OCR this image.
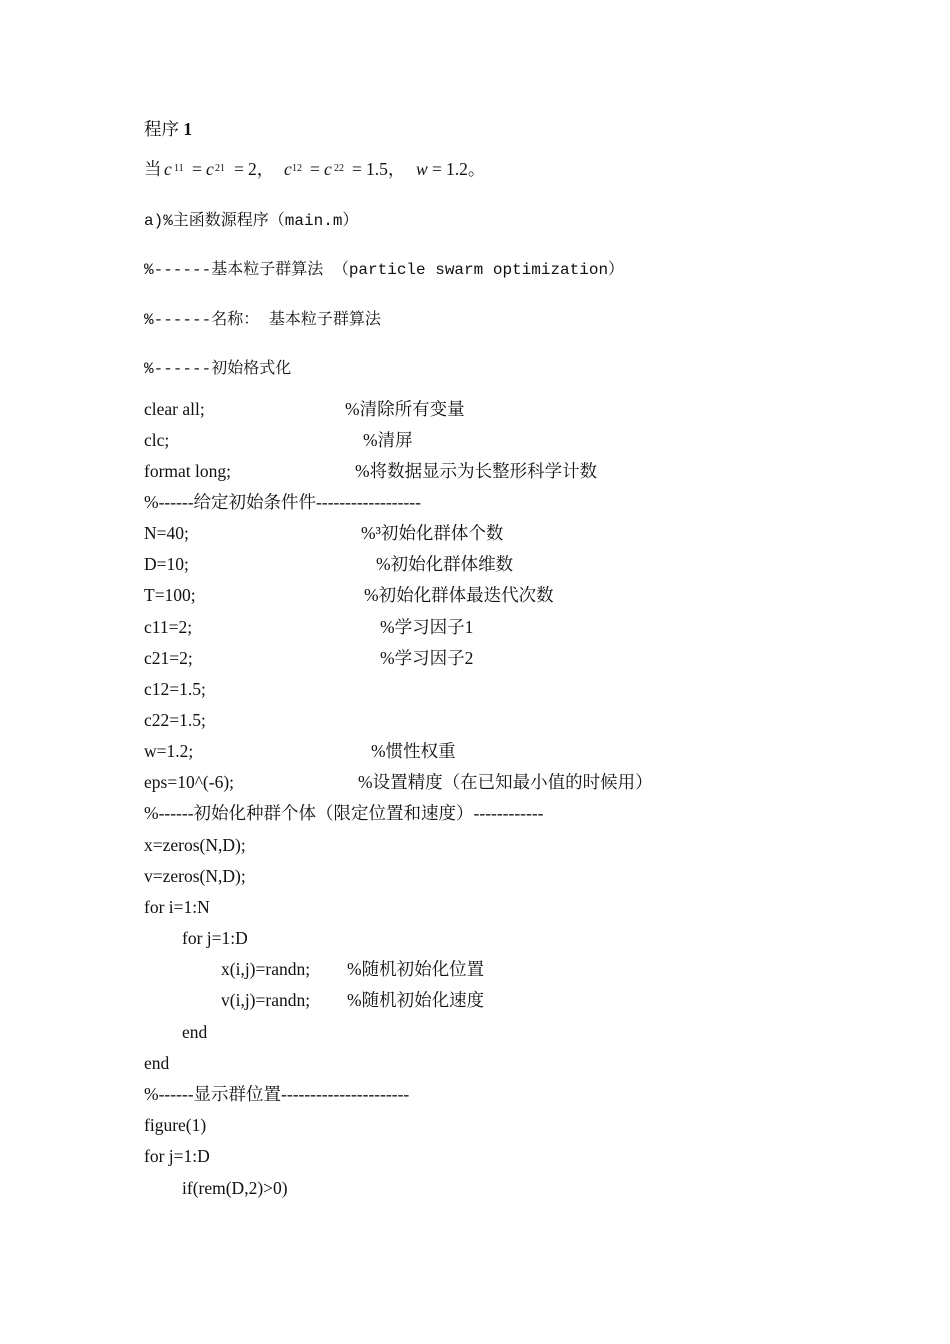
程序 1
当 c 11 = c 21 = 2， c 12 = c 22 = 1.5， w = 1.2。
a)%主函数源程序（main.m）
%------基本粒子群算法 （particle swarm optimization）
%------名称： 基本粒子群算法
%------初始格式化
clear all;	%清除所有变量
clc;	%清屏
format long;	%将数据显示为长整形科学计数
%------给定初始条件件------------------
N=40;	%³初始化群体个数
D=10;	%初始化群体维数
T=100;	%初始化群体最迭代次数
c11=2;	%学习因子1
c21=2;	%学习因子2
c12=1.5;
c22=1.5;
w=1.2;	%惯性权重
eps=10^(-6);	%设置精度（在已知最小值的时候用）
%------初始化种群个体（限定位置和速度）------------
x=zeros(N,D);
v=zeros(N,D);
for i=1:N
for j=1:D
x(i,j)=randn; %随机初始化位置
v(i,j)=randn; %随机初始化速度
end
end
%------显示群位置----------------------
figure(1)
for j=1:D
if(rem(D,2)>0)
